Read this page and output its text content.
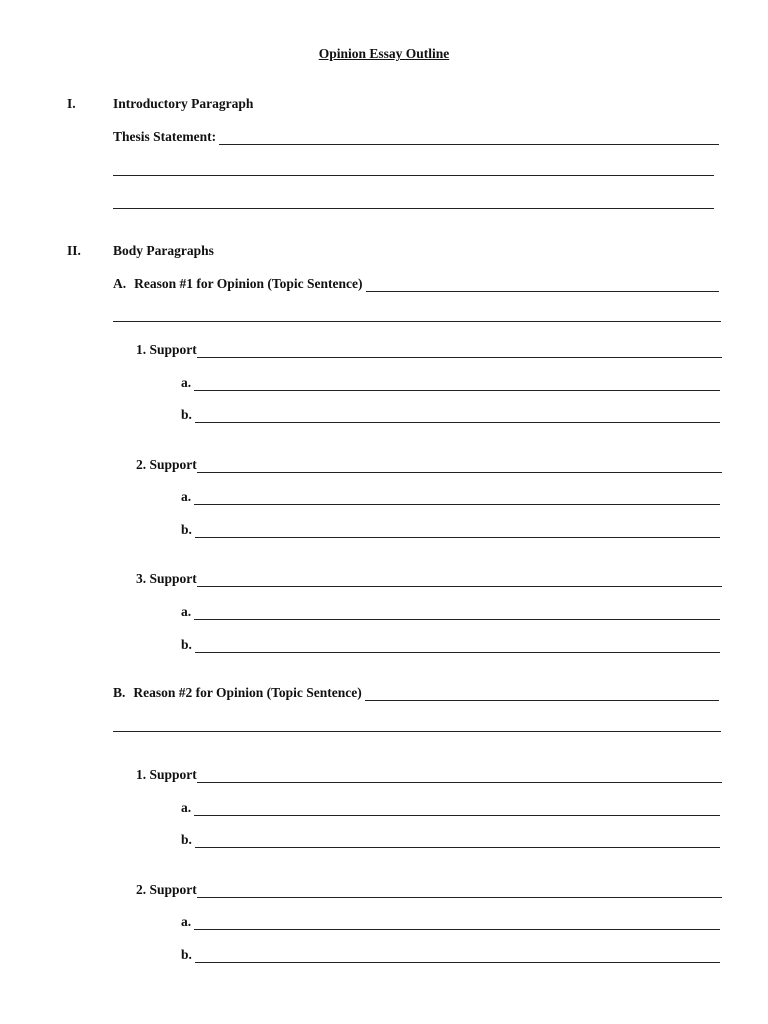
Opinion Essay Outline
I.	Introductory Paragraph
Thesis Statement:
II. Body Paragraphs
A. Reason #1 for Opinion (Topic Sentence)
1. Support
a.
b.
2. Support
a.
b.
3. Support
a.
b.
B. Reason #2 for Opinion (Topic Sentence)
1. Support
a.
b.
2. Support
a.
b.
